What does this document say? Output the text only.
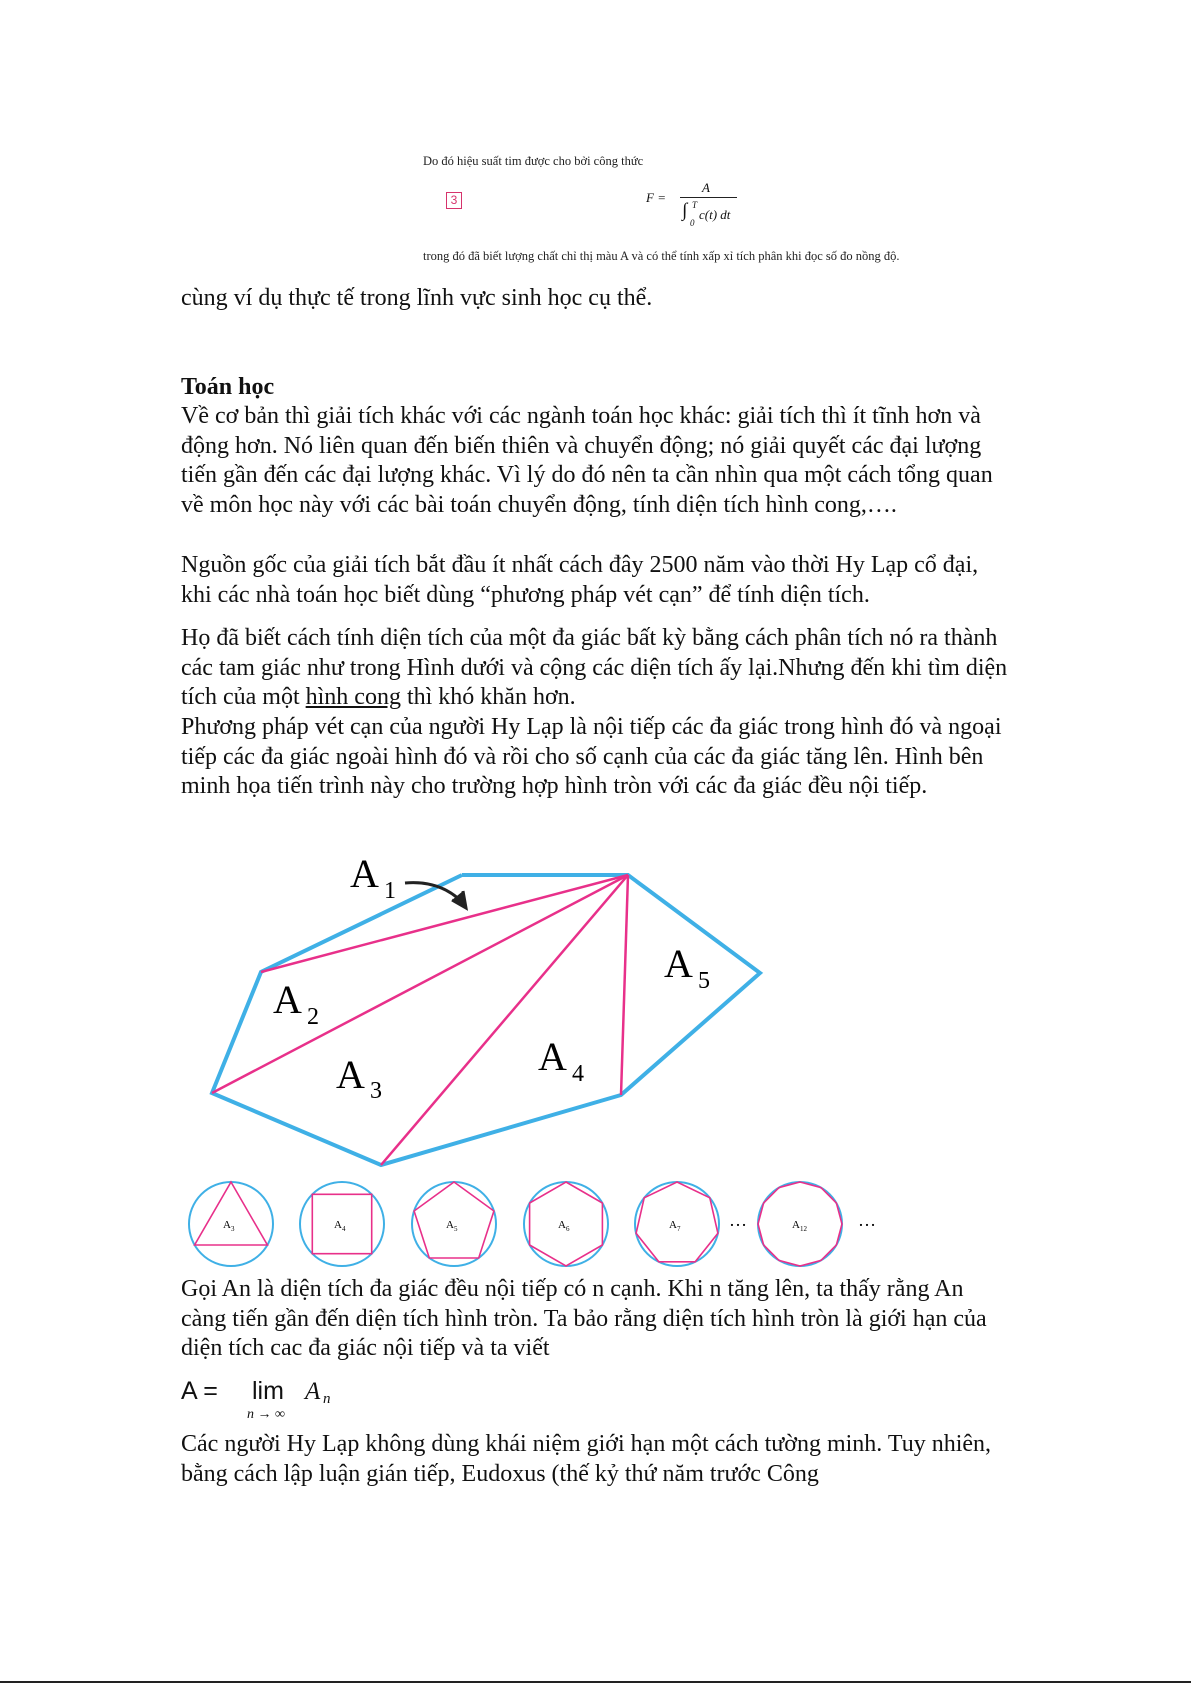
Do đó hiệu suất tim được cho bởi công thức
3	F =
A
∫ T
0
c(t) dt
trong đó đã biết lượng chất chỉ thị màu A và có thể tính xấp xỉ tích phân khi đọc số đo nồng độ.
cùng ví dụ thực tế trong lĩnh vực sinh học cụ thể.
Toán học
Về cơ bản thì giải tích khác với các ngành toán học khác: giải tích thì ít tĩnh hơn và động hơn. Nó liên quan đến biến thiên và chuyển động; nó giải quyết các đại lượng tiến gần đến các đại lượng khác. Vì lý do đó nên ta cần nhìn qua một cách tổng quan về môn học này với các bài toán chuyển động, tính diện tích hình cong,….
Nguồn gốc của giải tích bắt đầu ít nhất cách đây 2500 năm vào thời Hy Lạp cổ đại, khi các nhà toán học biết dùng “phương pháp vét cạn” để tính diện tích.
Họ đã biết cách tính diện tích của một đa giác bất kỳ bằng cách phân tích nó ra thành các tam giác như trong Hình dưới và cộng các diện tích ấy lại.Nhưng đến khi tìm diện tích của một hình cong thì khó khăn hơn.
Phương pháp vét cạn của người Hy Lạp là nội tiếp các đa giác trong hình đó và ngoại tiếp các đa giác ngoài hình đó và rồi cho số cạnh của các đa giác tăng lên. Hình bên minh họa tiến trình này cho trường hợp hình tròn với các đa giác đều nội tiếp.
A 1
A 2
A 3
A 4
A 5
$A_3$	$A_4$	$A_5$	$A_6$	$A_7$	$A_{12}$
…	…
Gọi An là diện tích đa giác đều nội tiếp có n cạnh. Khi n tăng lên, ta thấy rằng An càng tiến gần đến diện tích hình tròn. Ta bảo rằng diện tích hình tròn là giới hạn của diện tích cac đa giác nội tiếp và ta viết
A = lim
n → ∞
A n
Các người Hy Lạp không dùng khái niệm giới hạn một cách tường minh. Tuy nhiên, bằng cách lập luận gián tiếp, Eudoxus (thế kỷ thứ năm trước Công
